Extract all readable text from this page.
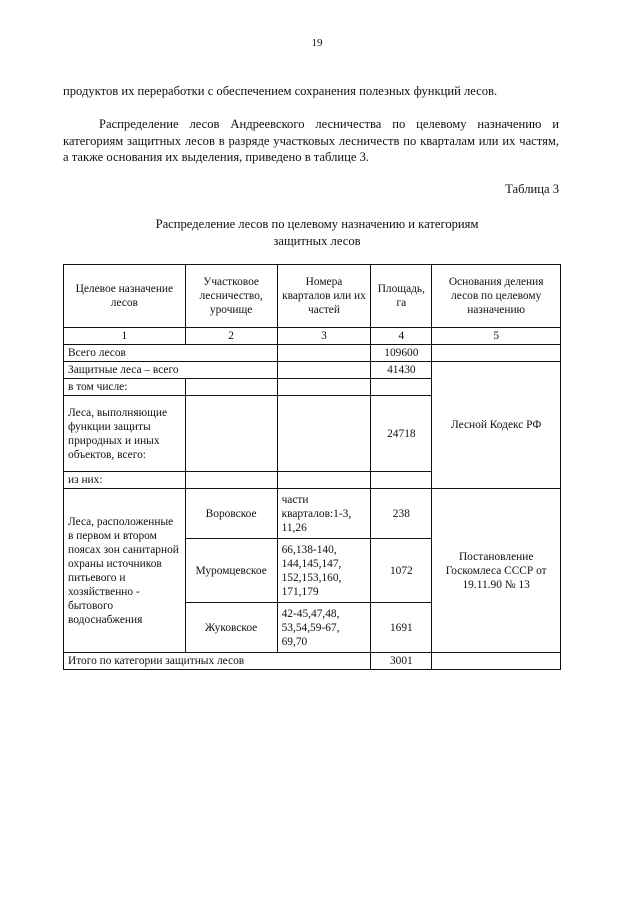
19
продуктов их переработки с обеспечением сохранения полезных функций лесов.
Распределение лесов Андреевского лесничества по целевому назначению и категориям защитных лесов в разряде участковых лесничеств по кварталам или их частям, а также основания их выделения, приведено в таблице 3.
Таблица 3
Распределение лесов по целевому назначению и категориям
защитных лесов
Целевое назначение лесов	Участковое лесничество, урочище	Номера кварталов или их частей	Площадь, га	Основания деления лесов по целевому назначению
1	2	3	4	5
Всего лесов			109600	
Защитные леса – всего			41430	Лесной Кодекс РФ
в том числе:				
Леса, выполняющие функции защиты природных и иных объектов, всего:			24718	
из них:				
Леса, расположенные в первом и втором поясах зон санитарной охраны источников питьевого и хозяйственно - бытового водоснабжения	Воровское	части кварталов:1-3, 11,26	238	Постановление Госкомлеса СССР от 19.11.90 № 13
	Муромцевское	66,138-140, 144,145,147, 152,153,160, 171,179	1072	
	Жуковское	42-45,47,48, 53,54,59-67, 69,70	1691	
Итого по категории защитных лесов			3001	
